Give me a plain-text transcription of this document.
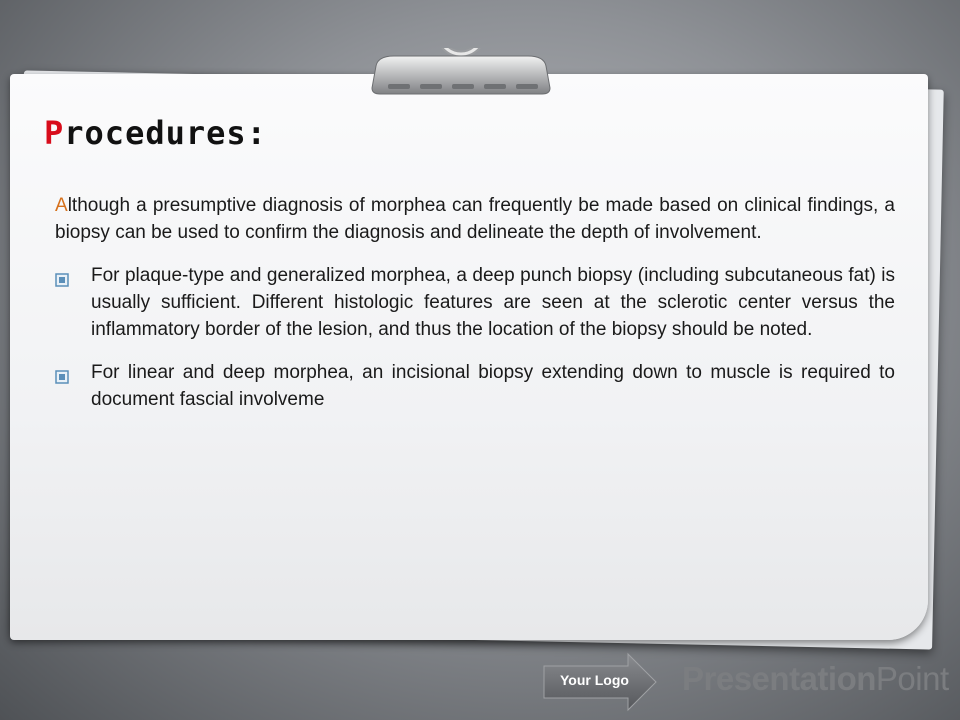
Procedures:

Although a presumptive diagnosis of morphea can frequently be made based on clinical findings, a biopsy can be used to confirm the diagnosis and delineate the depth of involvement.

For plaque-type and generalized morphea, a deep punch biopsy (including subcutaneous fat) is usually sufficient. Different histologic features are seen at the sclerotic center versus the inflammatory border of the lesion, and thus the location of the biopsy should be noted.
For linear and deep morphea, an incisional biopsy extending down to muscle is required to document fascial involveme
Your Logo PresentationPoint
